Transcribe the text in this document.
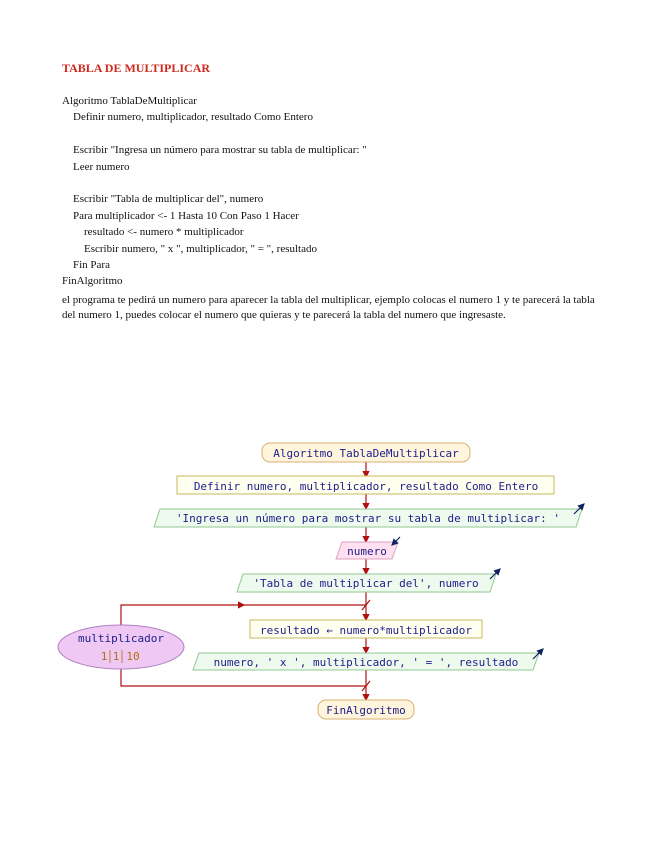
TABLA DE MULTIPLICAR
Algoritmo TablaDeMultiplicar
Definir numero, multiplicador, resultado Como Entero
Escribir "Ingresa un número para mostrar su tabla de multiplicar: "
Leer numero
Escribir "Tabla de multiplicar del", numero
Para multiplicador <- 1 Hasta 10 Con Paso 1 Hacer
resultado <- numero * multiplicador
Escribir numero, " x ", multiplicador, " = ", resultado
Fin Para
FinAlgoritmo
el programa te pedirá un numero para aparecer la tabla del multiplicar, ejemplo colocas el numero 1 y te parecerá la tabla del numero 1, puedes colocar el numero que quieras y te parecerá la tabla del numero que ingresaste.
Algoritmo TablaDeMultiplicar
Definir numero, multiplicador, resultado Como Entero
'Ingresa un número para mostrar su tabla de multiplicar: '
numero
'Tabla de multiplicar del', numero
resultado ← numero*multiplicador
numero, ' x ', multiplicador, ' = ', resultado
multiplicador
1 1 10
FinAlgoritmo
